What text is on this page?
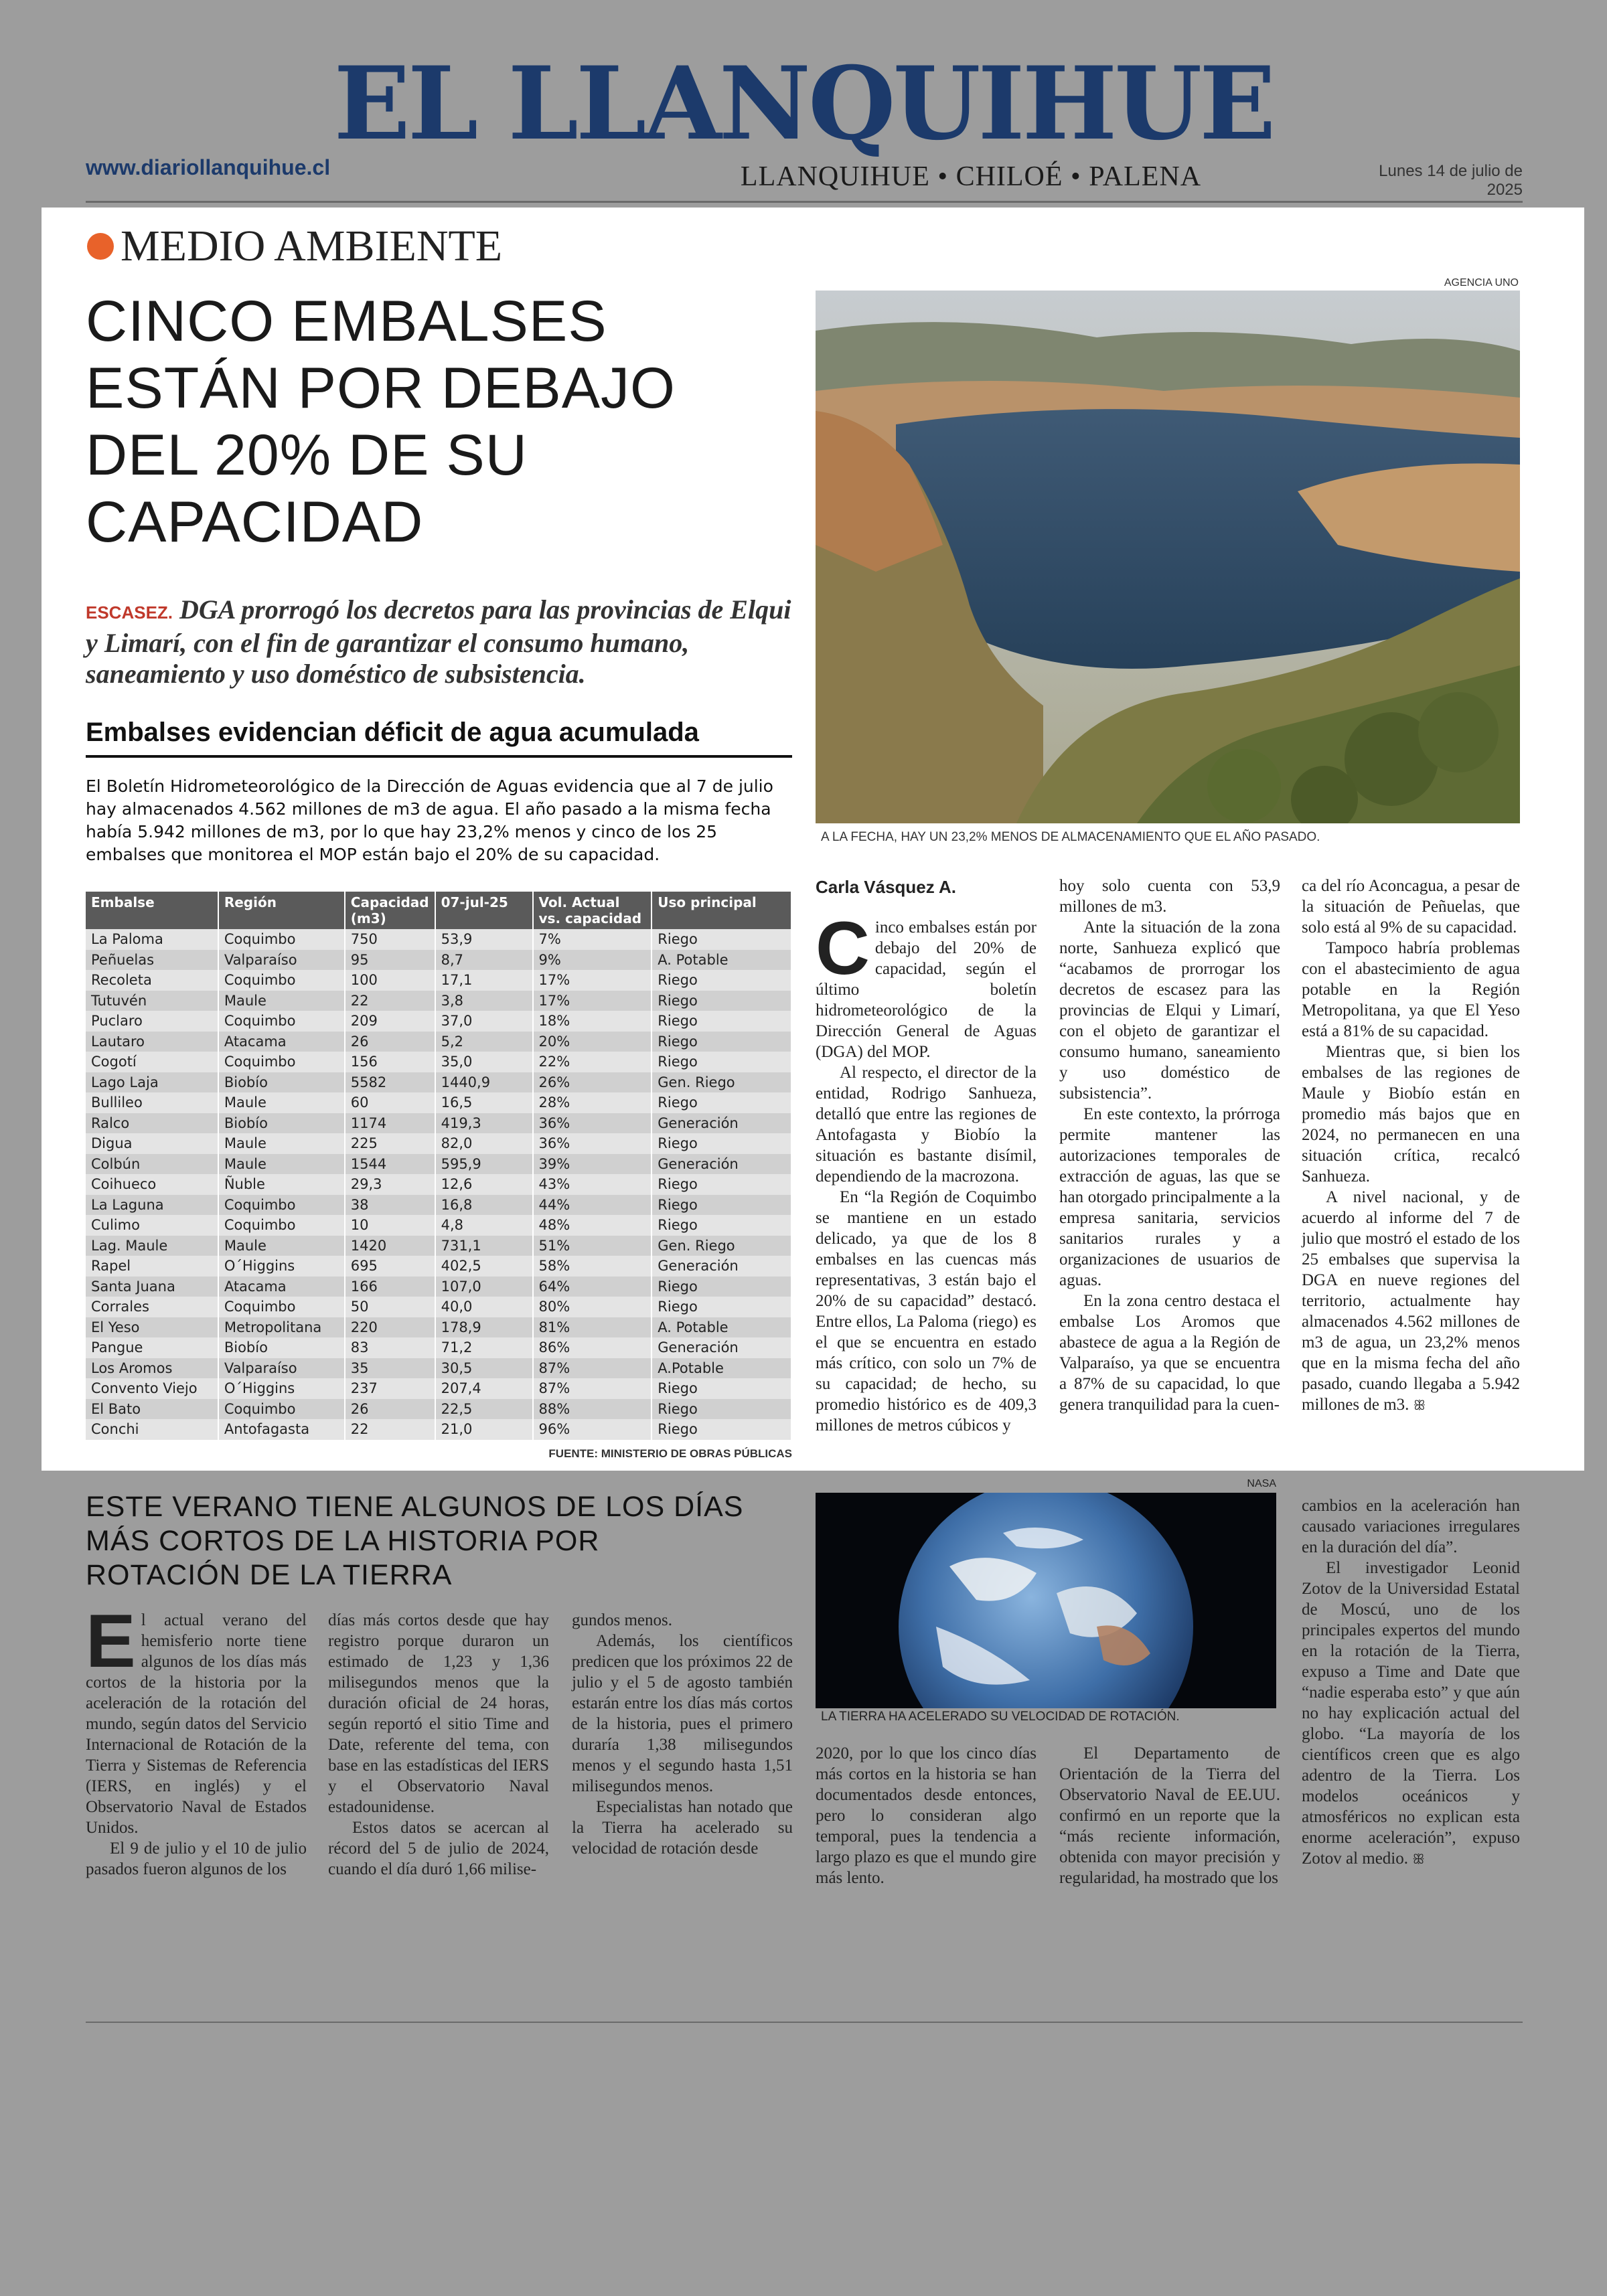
EL LLANQUIHUE
www.diariollanquihue.cl	LLANQUIHUE • CHILOÉ • PALENA	Lunes 14 de julio de 2025
MEDIO AMBIENTE
CINCO EMBALSES ESTÁN POR DEBAJO DEL 20% DE SU CAPACIDAD
ESCASEZ. DGA prorrogó los decretos para las provincias de Elqui y Limarí, con el fin de garantizar el consumo humano, saneamiento y uso doméstico de subsistencia.
Embalses evidencian déficit de agua acumulada
El Boletín Hidrometeorológico de la Dirección de Aguas evidencia que al 7 de julio hay almacenados 4.562 millones de m3 de agua. El año pasado a la misma fecha había 5.942 millones de m3, por lo que hay 23,2% menos y cinco de los 25 embalses que monitorea el MOP están bajo el 20% de su capacidad.
Embalse	Región	Capacidad (m3)	07-jul-25	Vol. Actual vs. capacidad	Uso principal
La Paloma	Coquimbo	750	53,9	7%	Riego
Peñuelas	Valparaíso	95	8,7	9%	A. Potable
Recoleta	Coquimbo	100	17,1	17%	Riego
Tutuvén	Maule	22	3,8	17%	Riego
Puclaro	Coquimbo	209	37,0	18%	Riego
Lautaro	Atacama	26	5,2	20%	Riego
Cogotí	Coquimbo	156	35,0	22%	Riego
Lago Laja	Biobío	5582	1440,9	26%	Gen. Riego
Bullileo	Maule	60	16,5	28%	Riego
Ralco	Biobío	1174	419,3	36%	Generación
Digua	Maule	225	82,0	36%	Riego
Colbún	Maule	1544	595,9	39%	Generación
Coihueco	Ñuble	29,3	12,6	43%	Riego
La Laguna	Coquimbo	38	16,8	44%	Riego
Culimo	Coquimbo	10	4,8	48%	Riego
Lag. Maule	Maule	1420	731,1	51%	Gen. Riego
Rapel	O´Higgins	695	402,5	58%	Generación
Santa Juana	Atacama	166	107,0	64%	Riego
Corrales	Coquimbo	50	40,0	80%	Riego
El Yeso	Metropolitana	220	178,9	81%	A. Potable
Pangue	Biobío	83	71,2	86%	Generación
Los Aromos	Valparaíso	35	30,5	87%	A.Potable
Convento Viejo	O´Higgins	237	207,4	87%	Riego
El Bato	Coquimbo	26	22,5	88%	Riego
Conchi	Antofagasta	22	21,0	96%	Riego
FUENTE: MINISTERIO DE OBRAS PÚBLICAS
AGENCIA UNO
A LA FECHA, HAY UN 23,2% MENOS DE ALMACENAMIENTO QUE EL AÑO PASADO.
Carla Vásquez A.

Cinco embalses están por debajo del 20% de capacidad, según el último boletín hidrometeorológico de la Dirección General de Aguas (DGA) del MOP.

Al respecto, el director de la entidad, Rodrigo Sanhueza, detalló que entre las regiones de Antofagasta y Biobío la situación es bastante disímil, dependiendo de la macrozona.

En “la Región de Coquimbo se mantiene en un estado delicado, ya que de los 8 embalses en las cuencas más representativas, 3 están bajo el 20% de su capacidad” destacó. Entre ellos, La Paloma (riego) es el que se encuentra en estado más crítico, con solo un 7% de su capacidad; de hecho, su promedio histórico es de 409,3 millones de metros cúbicos y

hoy solo cuenta con 53,9 millones de m3.

Ante la situación de la zona norte, Sanhueza explicó que “acabamos de prorrogar los decretos de escasez para las provincias de Elqui y Limarí, con el objeto de garantizar el consumo humano, saneamiento y uso doméstico de subsistencia”.

En este contexto, la prórroga permite mantener las autorizaciones temporales de extracción de aguas, las que se han otorgado principalmente a la empresa sanitaria, servicios sanitarios rurales y a organizaciones de usuarios de aguas.

En la zona centro destaca el embalse Los Aromos que abastece de agua a la Región de Valparaíso, ya que se encuentra a 87% de su capacidad, lo que genera tranquilidad para la cuen-

ca del río Aconcagua, a pesar de la situación de Peñuelas, que solo está al 9% de su capacidad.

Tampoco habría problemas con el abastecimiento de agua potable en la Región Metropolitana, ya que El Yeso está a 81% de su capacidad.

Mientras que, si bien los embalses de las regiones de Maule y Biobío están en promedio más bajos que en 2024, no permanecen en una situación crítica, recalcó Sanhueza.

A nivel nacional, y de acuerdo al informe del 7 de julio que mostró el estado de los 25 embalses que supervisa la DGA en nueve regiones del territorio, actualmente hay almacenados 4.562 millones de m3 de agua, un 23,2% menos que en la misma fecha del año pasado, cuando llegaba a 5.942 millones de m3. ꕥ

ESTE VERANO TIENE ALGUNOS DE LOS DÍAS MÁS CORTOS DE LA HISTORIA POR ROTACIÓN DE LA TIERRA
NASA
LA TIERRA HA ACELERADO SU VELOCIDAD DE ROTACIÓN.

El actual verano del hemisferio norte tiene algunos de los días más cortos de la historia por la aceleración de la rotación del mundo, según datos del Servicio Internacional de Rotación de la Tierra y Sistemas de Referencia (IERS, en inglés) y el Observatorio Naval de Estados Unidos.

El 9 de julio y el 10 de julio pasados fueron algunos de los

días más cortos desde que hay registro porque duraron un estimado de 1,23 y 1,36 milisegundos menos que la duración oficial de 24 horas, según reportó el sitio Time and Date, referente del tema, con base en las estadísticas del IERS y el Observatorio Naval estadounidense.

Estos datos se acercan al récord del 5 de julio de 2024, cuando el día duró 1,66 milise-

gundos menos.

Además, los científicos predicen que los próximos 22 de julio y el 5 de agosto también estarán entre los días más cortos de la historia, pues el primero duraría 1,38 milisegundos menos y el segundo hasta 1,51 milisegundos menos.

Especialistas han notado que la Tierra ha acelerado su velocidad de rotación desde

2020, por lo que los cinco días más cortos en la historia se han documentados desde entonces, pero lo consideran algo temporal, pues la tendencia a largo plazo es que el mundo gire más lento.

El Departamento de Orientación de la Tierra del Observatorio Naval de EE.UU. confirmó en un reporte que la “más reciente información, obtenida con mayor precisión y regularidad, ha mostrado que los

cambios en la aceleración han causado variaciones irregulares en la duración del día”.

El investigador Leonid Zotov de la Universidad Estatal de Moscú, uno de los principales expertos del mundo en la rotación de la Tierra, expuso a Time and Date que “nadie esperaba esto” y que aún no hay explicación actual del globo. “La mayoría de los científicos creen que es algo adentro de la Tierra. Los modelos oceánicos y atmosféricos no explican esta enorme aceleración”, expuso Zotov al medio. ꕥ
